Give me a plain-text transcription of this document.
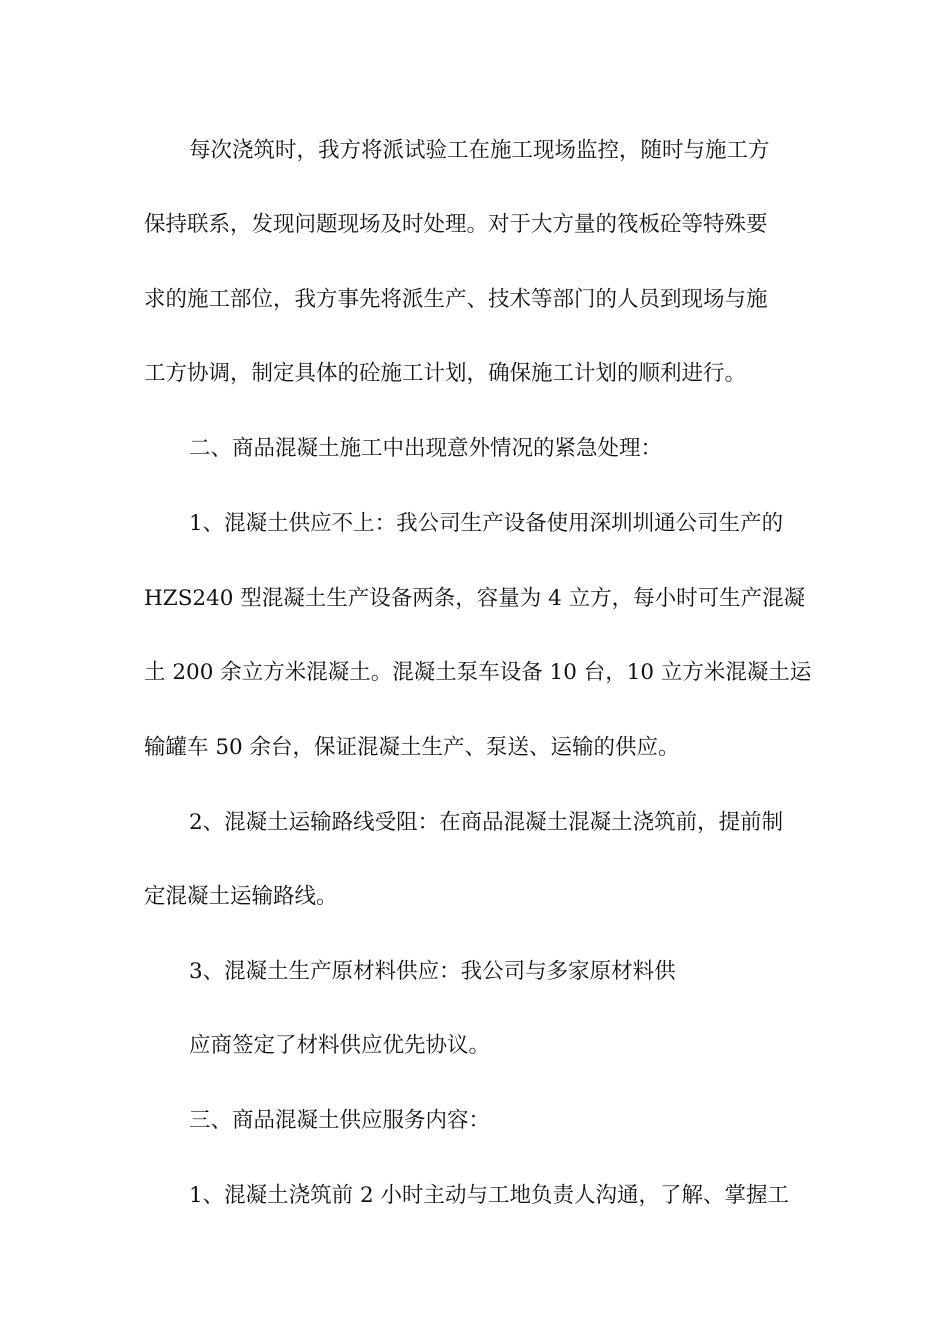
每次浇筑时，我方将派试验工在施工现场监控，随时与施工方
保持联系，发现问题现场及时处理。对于大方量的筏板砼等特殊要
求的施工部位，我方事先将派生产、技术等部门的人员到现场与施
工方协调，制定具体的砼施工计划，确保施工计划的顺利进行。
二、商品混凝土施工中出现意外情况的紧急处理：
1、混凝土供应不上：我公司生产设备使用深圳圳通公司生产的
HZS240 型混凝土生产设备两条，容量为 4 立方，每小时可生产混凝
土 200 余立方米混凝土。混凝土泵车设备 10 台，10 立方米混凝土运
输罐车 50 余台，保证混凝土生产、泵送、运输的供应。
2、混凝土运输路线受阻：在商品混凝土混凝土浇筑前，提前制
定混凝土运输路线。
3、混凝土生产原材料供应：我公司与多家原材料供
应商签定了材料供应优先协议。
三、商品混凝土供应服务内容：
1、混凝土浇筑前 2 小时主动与工地负责人沟通，了解、掌握工
